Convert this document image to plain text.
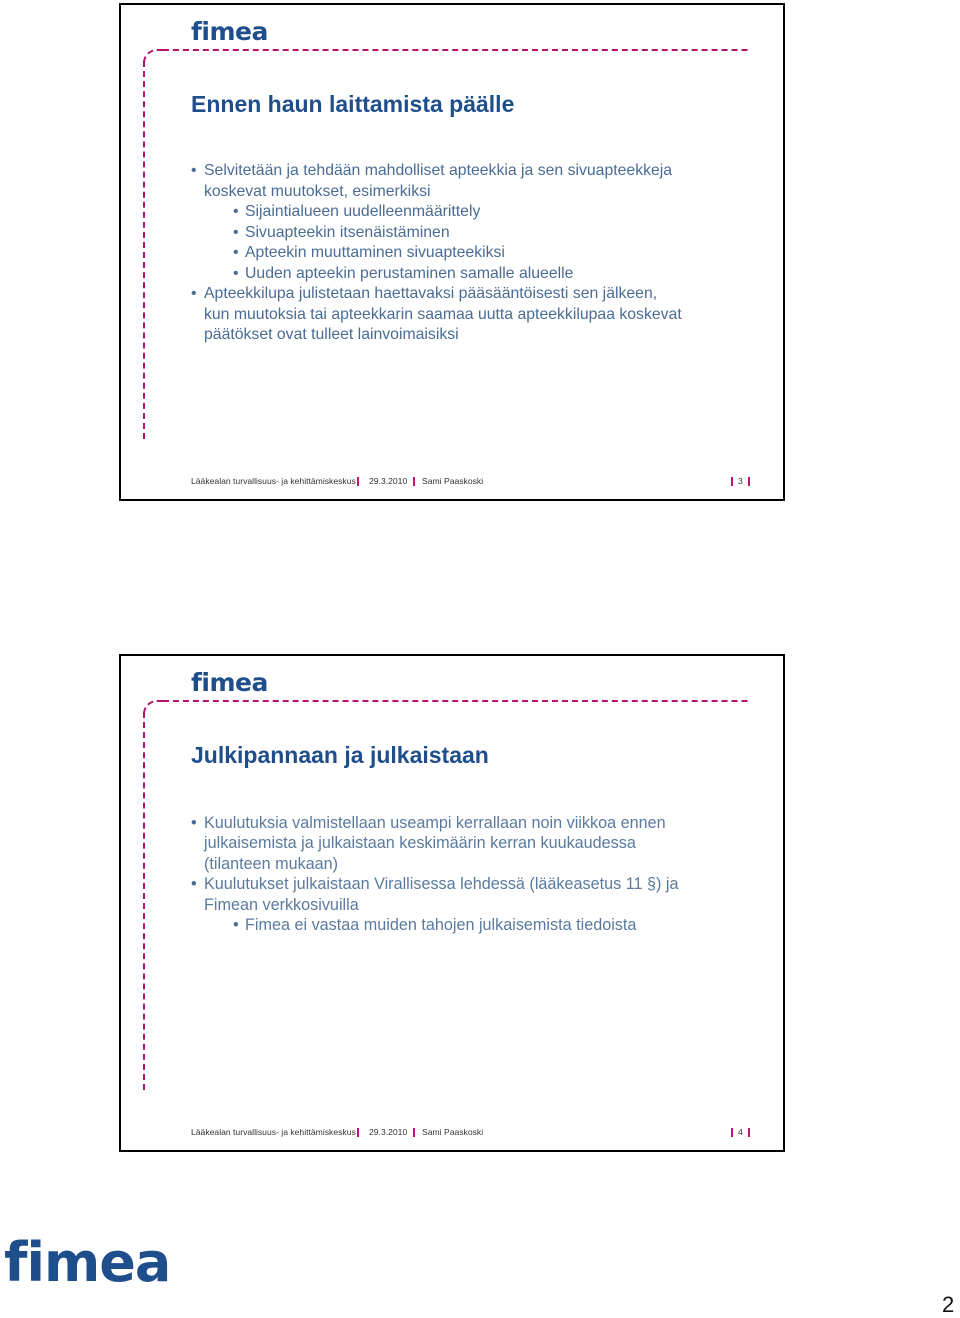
fi mea
Ennen haun laittamista päälle
Lääkealan turvallisuus- ja kehittämiskeskus 29.3.2010 Sami Paaskoski	3
• Selvitetään ja tehdään mahdolliset apteekkia ja sen sivuapteekkeja
koskevat muutokset, esimerkiksi
• Sijaintialueen uudelleenmäärittely
• Sivuapteekin itsenäistäminen
• Apteekin muuttaminen sivuapteekiksi
• Uuden apteekin perustaminen samalle alueelle
• Apteekkilupa julistetaan haettavaksi pääsääntöisesti sen jälkeen,
kun muutoksia tai apteekkarin saamaa uutta apteekkilupaa koskevat
päätökset ovat tulleet lainvoimaisiksi
fi mea
Julkipannaan ja julkaistaan
Lääkealan turvallisuus- ja kehittämiskeskus 29.3.2010 Sami Paaskoski	4
• Kuulutuksia valmistellaan useampi kerrallaan noin viikkoa ennen
julkaisemista ja julkaistaan keskimäärin kerran kuukaudessa
(tilanteen mukaan)
• Kuulutukset julkaistaan Virallisessa lehdessä (lääkeasetus 11 §) ja
Fimean verkkosivuilla
• Fimea ei vastaa muiden tahojen julkaisemista tiedoista
fimea
2
